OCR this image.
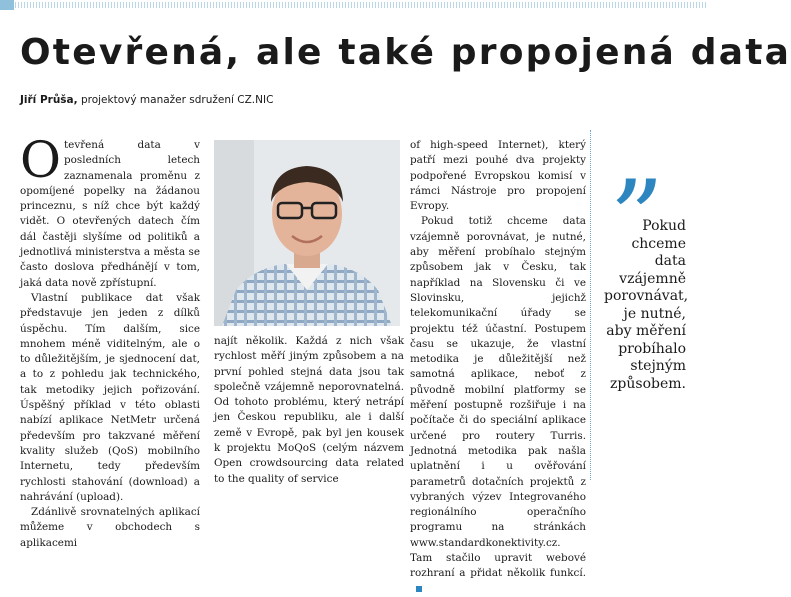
Otevřená, ale také propojená data
Jiří Průša, projektový manažer sdružení CZ.NIC

Otevřená data v posledních letech zaznamenala proměnu z opomíjené popelky na žádanou princeznu, s níž chce být každý vidět. O otevřených datech čím dál častěji slyšíme od politiků a jednotlivá ministerstva a města se často doslova předhánějí v tom, jaká data nově zpřístupní.

Vlastní publikace dat však představuje jen jeden z dílků úspěchu. Tím dalším, sice mnohem méně viditelným, ale o to důležitějším, je sjednocení dat, a to z pohledu jak technického, tak metodiky jejich pořizování. Úspěšný příklad v této oblasti nabízí aplikace NetMetr určená především pro takzvané měření kvality služeb (QoS) mobilního Internetu, tedy především rychlosti stahování (download) a nahrávání (upload).

Zdánlivě srovnatelných aplikací můžeme v obchodech s aplikacemi

najít několik. Každá z nich však rychlost měří jiným způsobem a na první pohled stejná data jsou tak společně vzájemně neporovnatelná. Od tohoto problému, který netrápí jen Českou republiku, ale i další země v Evropě, pak byl jen kousek k projektu MoQoS (celým názvem Open crowdsourcing data related to the quality of service

of high-speed Internet), který patří mezi pouhé dva projekty podpořené Evropskou komisí v rámci Nástroje pro propojení Evropy.

Pokud totiž chceme data vzájemně porovnávat, je nutné, aby měření probíhalo stejným způsobem jak v Česku, tak například na Slovensku či ve Slovinsku, jejichž telekomunikační úřady se projektu též účastní. Postupem času se ukazuje, že vlastní metodika je důležitější než samotná aplikace, neboť z původně mobilní platformy se měření postupně rozšiřuje i na počítače či do speciální aplikace určené pro routery Turris. Jednotná metodika pak našla uplatnění i u ověřování parametrů dotačních projektů z vybraných výzev Integrovaného regionálního operačního programu na stránkách www.standardkonektivity.cz. Tam stačilo upravit webové rozhraní a přidat několik funkcí.

„
Pokud chceme data vzájemně porovnávat, je nutné, aby měření probíhalo stejným způsobem.
